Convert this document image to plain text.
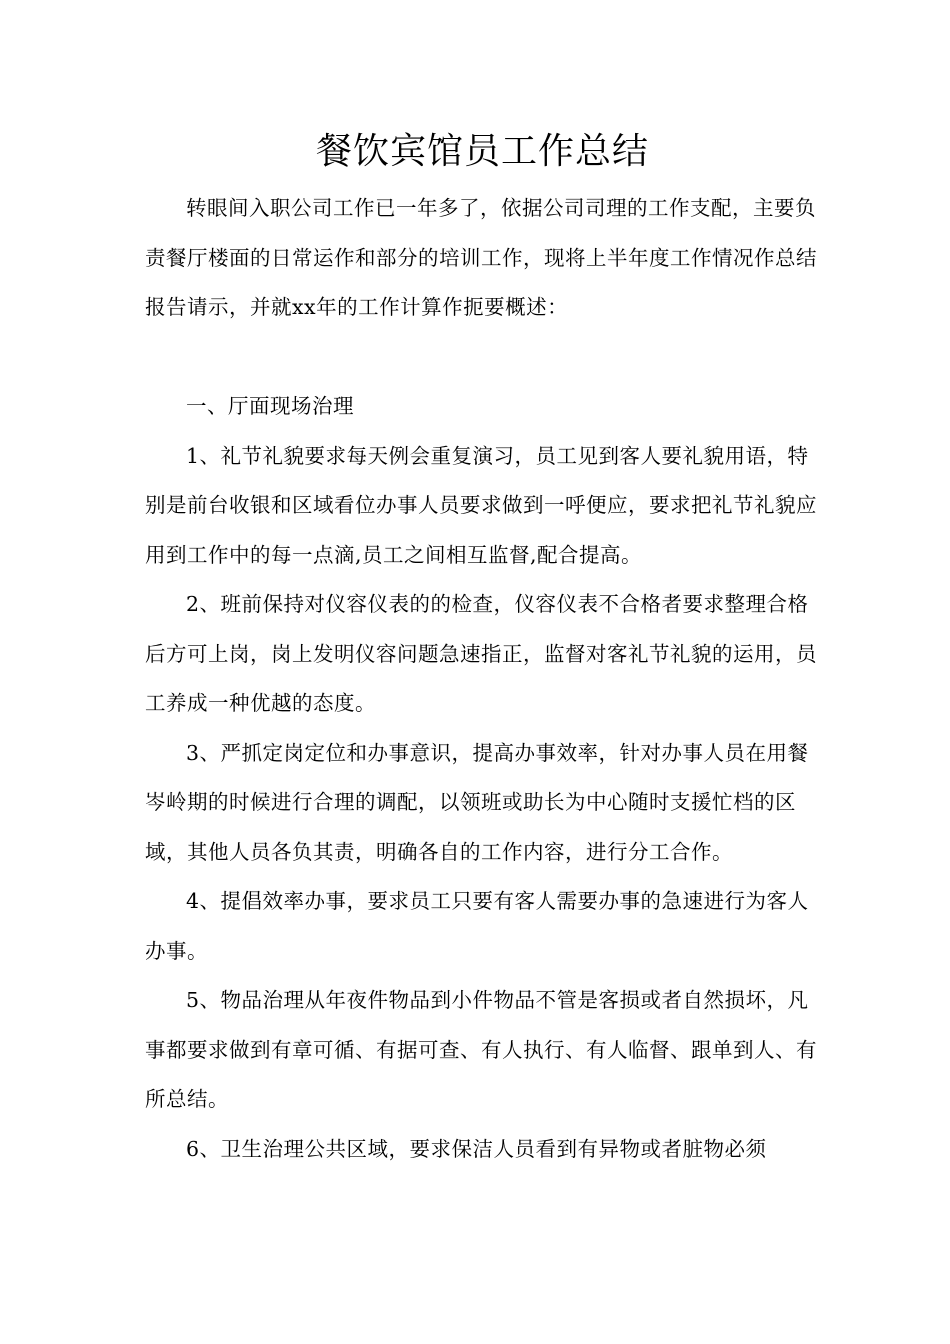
餐饮宾馆员工作总结

转眼间入职公司工作已一年多了，依据公司司理的工作支配，主要负责餐厅楼面的日常运作和部分的培训工作，现将上半年度工作情况作总结报告请示，并就xx年的工作计算作扼要概述：

一、厅面现场治理

1、礼节礼貌要求每天例会重复演习，员工见到客人要礼貌用语，特别是前台收银和区域看位办事人员要求做到一呼便应，要求把礼节礼貌应用到工作中的每一点滴,员工之间相互监督,配合提高。

2、班前保持对仪容仪表的的检查，仪容仪表不合格者要求整理合格后方可上岗，岗上发明仪容问题急速指正，监督对客礼节礼貌的运用，员工养成一种优越的态度。

3、严抓定岗定位和办事意识，提高办事效率，针对办事人员在用餐岑岭期的时候进行合理的调配，以领班或助长为中心随时支援忙档的区域，其他人员各负其责，明确各自的工作内容，进行分工合作。

4、提倡效率办事，要求员工只要有客人需要办事的急速进行为客人办事。

5、物品治理从年夜件物品到小件物品不管是客损或者自然损坏，凡事都要求做到有章可循、有据可查、有人执行、有人临督、跟单到人、有所总结。

6、卫生治理公共区域，要求保洁人员看到有异物或者脏物必须
